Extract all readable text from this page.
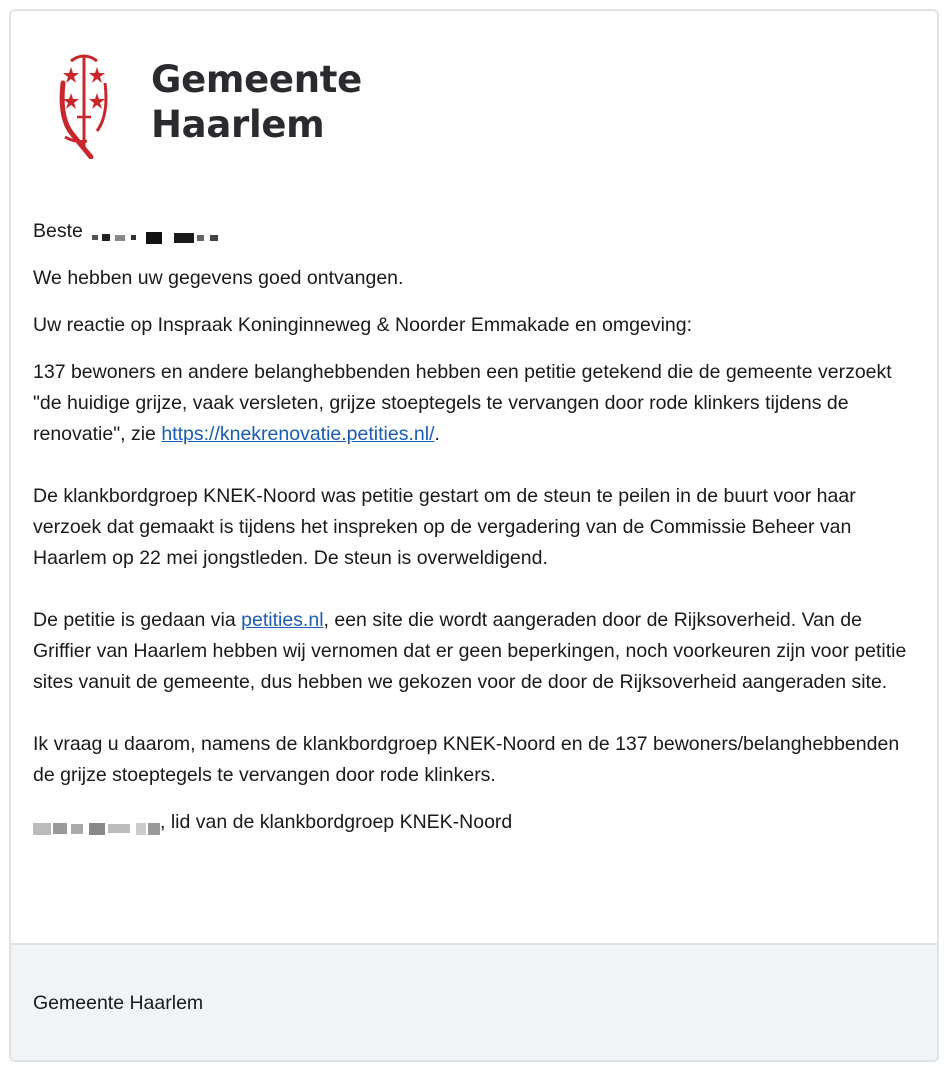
Gemeente
Haarlem

Beste

We hebben uw gegevens goed ontvangen.

Uw reactie op Inspraak Koninginneweg & Noorder Emmakade en omgeving:

137 bewoners en andere belanghebbenden hebben een petitie getekend die de gemeente verzoekt "de huidige grijze, vaak versleten, grijze stoeptegels te vervangen door rode klinkers tijdens de renovatie", zie https://knekrenovatie.petities.nl/.

De klankbordgroep KNEK-Noord was petitie gestart om de steun te peilen in de buurt voor haar verzoek dat gemaakt is tijdens het inspreken op de vergadering van de Commissie Beheer van Haarlem op 22 mei jongstleden. De steun is overweldigend.

De petitie is gedaan via petities.nl, een site die wordt aangeraden door de Rijksoverheid. Van de Griffier van Haarlem hebben wij vernomen dat er geen beperkingen, noch voorkeuren zijn voor petitie sites vanuit de gemeente, dus hebben we gekozen voor de door de Rijksoverheid aangeraden site.

Ik vraag u daarom, namens de klankbordgroep KNEK-Noord en de 137 bewoners/belanghebbenden de grijze stoeptegels te vervangen door rode klinkers.

, lid van de klankbordgroep KNEK-Noord

Gemeente Haarlem
